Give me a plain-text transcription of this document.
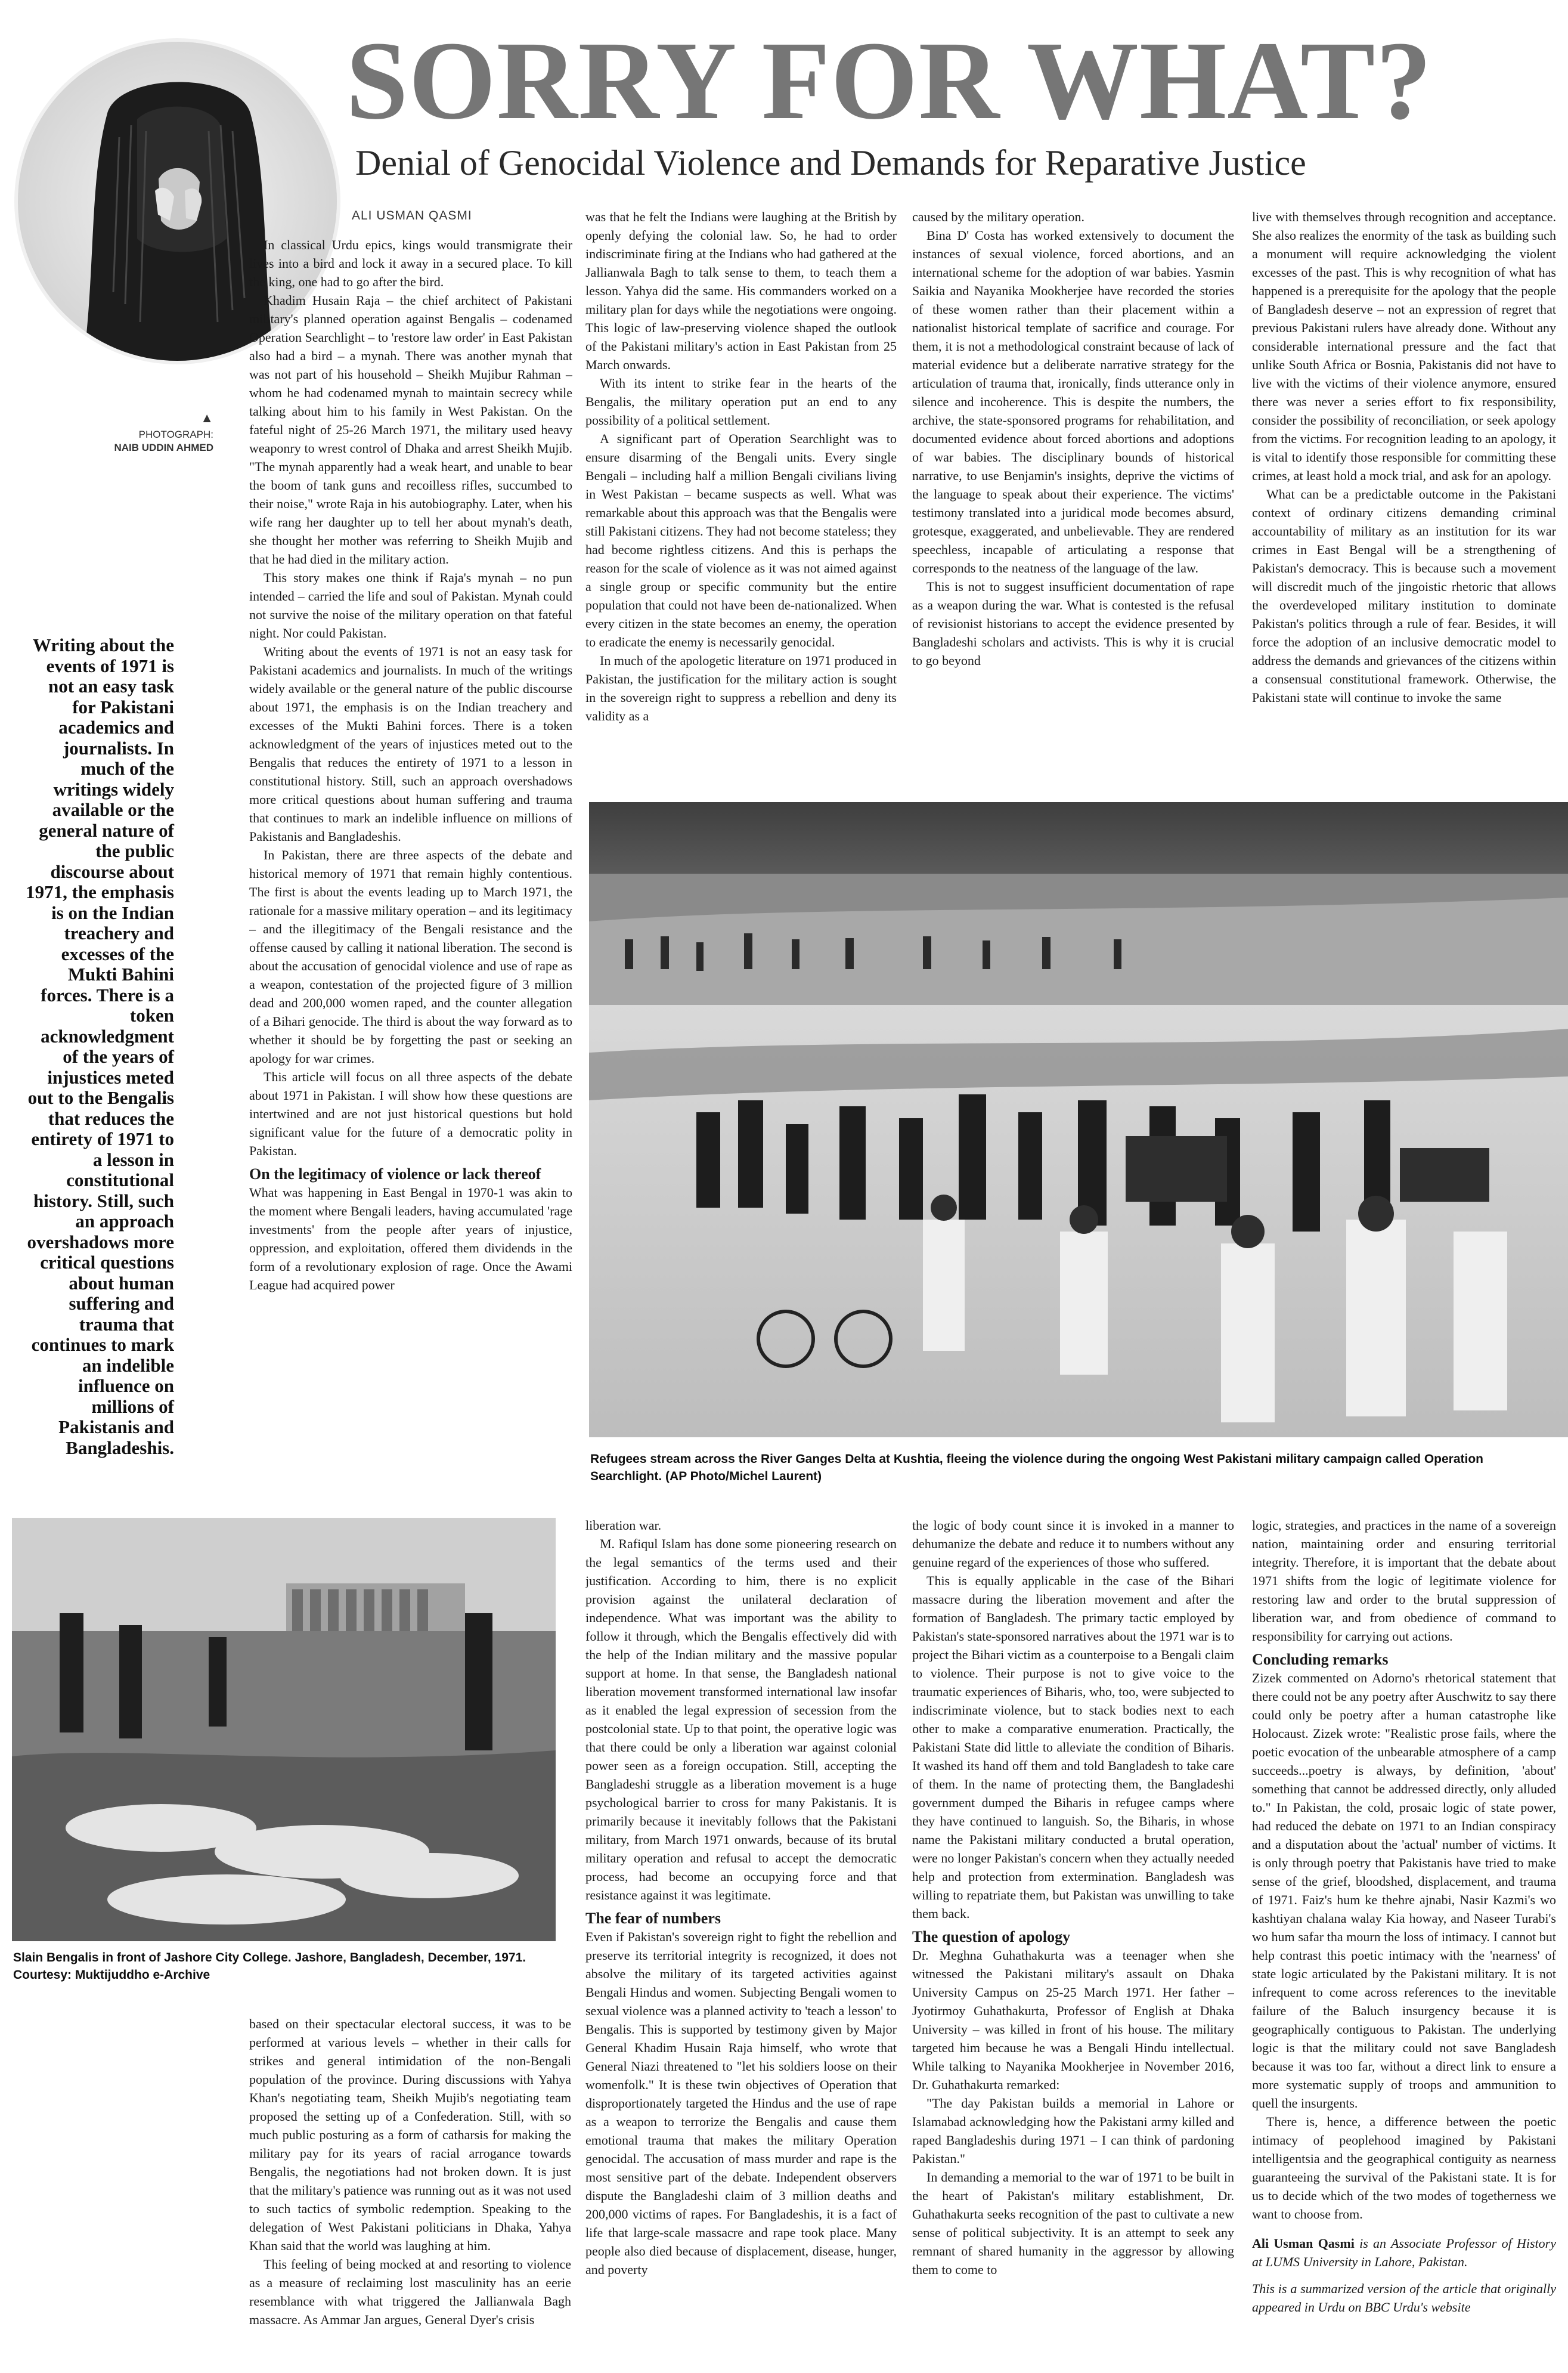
▲
PHOTOGRAPH:
NAIB UDDIN AHMED
SORRY FOR WHAT?
Denial of Genocidal Violence and Demands for Reparative Justice
ALI USMAN QASMI
Writing about the events of 1971 is not an easy task for Pakistani academics and journalists. In much of the writings widely available or the general nature of the public discourse about 1971, the emphasis is on the Indian treachery and excesses of the Mukti Bahini forces. There is a token acknowledgment of the years of injustices meted out to the Bengalis that reduces the entirety of 1971 to a lesson in constitutional history. Still, such an approach overshadows more critical questions about human suffering and trauma that continues to mark an indelible influence on millions of Pakistanis and Bangladeshis.

In classical Urdu epics, kings would transmigrate their lives into a bird and lock it away in a secured place. To kill the king, one had to go after the bird.

Khadim Husain Raja – the chief architect of Pakistani military's planned operation against Bengalis – codenamed Operation Searchlight – to 'restore law order' in East Pakistan also had a bird – a mynah. There was another mynah that was not part of his household – Sheikh Mujibur Rahman – whom he had codenamed mynah to maintain secrecy while talking about him to his family in West Pakistan. On the fateful night of 25-26 March 1971, the military used heavy weaponry to wrest control of Dhaka and arrest Sheikh Mujib. "The mynah apparently had a weak heart, and unable to bear the boom of tank guns and recoilless rifles, succumbed to their noise," wrote Raja in his autobiography. Later, when his wife rang her daughter up to tell her about mynah's death, she thought her mother was referring to Sheikh Mujib and that he had died in the military action.

This story makes one think if Raja's mynah – no pun intended – carried the life and soul of Pakistan. Mynah could not survive the noise of the military operation on that fateful night. Nor could Pakistan.

Writing about the events of 1971 is not an easy task for Pakistani academics and journalists. In much of the writings widely available or the general nature of the public discourse about 1971, the emphasis is on the Indian treachery and excesses of the Mukti Bahini forces. There is a token acknowledgment of the years of injustices meted out to the Bengalis that reduces the entirety of 1971 to a lesson in constitutional history. Still, such an approach overshadows more critical questions about human suffering and trauma that continues to mark an indelible influence on millions of Pakistanis and Bangladeshis.

In Pakistan, there are three aspects of the debate and historical memory of 1971 that remain highly contentious. The first is about the events leading up to March 1971, the rationale for a massive military operation – and its legitimacy – and the illegitimacy of the Bengali resistance and the offense caused by calling it national liberation. The second is about the accusation of genocidal violence and use of rape as a weapon, contestation of the projected figure of 3 million dead and 200,000 women raped, and the counter allegation of a Bihari genocide. The third is about the way forward as to whether it should be by forgetting the past or seeking an apology for war crimes.

This article will focus on all three aspects of the debate about 1971 in Pakistan. I will show how these questions are intertwined and are not just historical questions but hold significant value for the future of a democratic polity in Pakistan.

On the legitimacy of violence or lack thereof

What was happening in East Bengal in 1970-1 was akin to the moment where Bengali leaders, having accumulated 'rage investments' from the people after years of injustice, oppression, and exploitation, offered them dividends in the form of a revolutionary explosion of rage. Once the Awami League had acquired power

was that he felt the Indians were laughing at the British by openly defying the colonial law. So, he had to order indiscriminate firing at the Indians who had gathered at the Jallianwala Bagh to talk sense to them, to teach them a lesson. Yahya did the same. His commanders worked on a military plan for days while the negotiations were ongoing. This logic of law-preserving violence shaped the outlook of the Pakistani military's action in East Pakistan from 25 March onwards.

With its intent to strike fear in the hearts of the Bengalis, the military operation put an end to any possibility of a political settlement.

A significant part of Operation Searchlight was to ensure disarming of the Bengali units. Every single Bengali – including half a million Bengali civilians living in West Pakistan – became suspects as well. What was remarkable about this approach was that the Bengalis were still Pakistani citizens. They had not become stateless; they had become rightless citizens. And this is perhaps the reason for the scale of violence as it was not aimed against a single group or specific community but the entire population that could not have been de-nationalized. When every citizen in the state becomes an enemy, the operation to eradicate the enemy is necessarily genocidal.

In much of the apologetic literature on 1971 produced in Pakistan, the justification for the military action is sought in the sovereign right to suppress a rebellion and deny its validity as a

caused by the military operation.

Bina D' Costa has worked extensively to document the instances of sexual violence, forced abortions, and an international scheme for the adoption of war babies. Yasmin Saikia and Nayanika Mookherjee have recorded the stories of these women rather than their placement within a nationalist historical template of sacrifice and courage. For them, it is not a methodological constraint because of lack of material evidence but a deliberate narrative strategy for the articulation of trauma that, ironically, finds utterance only in silence and incoherence. This is despite the numbers, the archive, the state-sponsored programs for rehabilitation, and documented evidence about forced abortions and adoptions of war babies. The disciplinary bounds of historical narrative, to use Benjamin's insights, deprive the victims of the language to speak about their experience. The victims' testimony translated into a juridical mode becomes absurd, grotesque, exaggerated, and unbelievable. They are rendered speechless, incapable of articulating a response that corresponds to the neatness of the language of the law.

This is not to suggest insufficient documentation of rape as a weapon during the war. What is contested is the refusal of revisionist historians to accept the evidence presented by Bangladeshi scholars and activists. This is why it is crucial to go beyond

live with themselves through recognition and acceptance. She also realizes the enormity of the task as building such a monument will require acknowledging the violent excesses of the past. This is why recognition of what has happened is a prerequisite for the apology that the people of Bangladesh deserve – not an expression of regret that previous Pakistani rulers have already done. Without any considerable international pressure and the fact that unlike South Africa or Bosnia, Pakistanis did not have to live with the victims of their violence anymore, ensured there was never a series effort to fix responsibility, consider the possibility of reconciliation, or seek apology from the victims. For recognition leading to an apology, it is vital to identify those responsible for committing these crimes, at least hold a mock trial, and ask for an apology.

What can be a predictable outcome in the Pakistani context of ordinary citizens demanding criminal accountability of military as an institution for its war crimes in East Bengal will be a strengthening of Pakistan's democracy. This is because such a movement will discredit much of the jingoistic rhetoric that allows the overdeveloped military institution to dominate Pakistan's politics through a rule of fear. Besides, it will force the adoption of an inclusive democratic model to address the demands and grievances of the citizens within a consensual constitutional framework. Otherwise, the Pakistani state will continue to invoke the same

Refugees stream across the River Ganges Delta at Kushtia, fleeing the violence during the ongoing West Pakistani military campaign called Operation Searchlight. (AP Photo/Michel Laurent)
Slain Bengalis in front of Jashore City College. Jashore, Bangladesh, December, 1971. Courtesy: Muktijuddho e-Archive

based on their spectacular electoral success, it was to be performed at various levels – whether in their calls for strikes and general intimidation of the non-Bengali population of the province. During discussions with Yahya Khan's negotiating team, Sheikh Mujib's negotiating team proposed the setting up of a Confederation. Still, with so much public posturing as a form of catharsis for making the military pay for its years of racial arrogance towards Bengalis, the negotiations had not broken down. It is just that the military's patience was running out as it was not used to such tactics of symbolic redemption. Speaking to the delegation of West Pakistani politicians in Dhaka, Yahya Khan said that the world was laughing at him.

This feeling of being mocked at and resorting to violence as a measure of reclaiming lost masculinity has an eerie resemblance with what triggered the Jallianwala Bagh massacre. As Ammar Jan argues, General Dyer's crisis

liberation war.

M. Rafiqul Islam has done some pioneering research on the legal semantics of the terms used and their justification. According to him, there is no explicit provision against the unilateral declaration of independence. What was important was the ability to follow it through, which the Bengalis effectively did with the help of the Indian military and the massive popular support at home. In that sense, the Bangladesh national liberation movement transformed international law insofar as it enabled the legal expression of secession from the postcolonial state. Up to that point, the operative logic was that there could be only a liberation war against colonial power seen as a foreign occupation. Still, accepting the Bangladeshi struggle as a liberation movement is a huge psychological barrier to cross for many Pakistanis. It is primarily because it inevitably follows that the Pakistani military, from March 1971 onwards, because of its brutal military operation and refusal to accept the democratic process, had become an occupying force and that resistance against it was legitimate.

The fear of numbers

Even if Pakistan's sovereign right to fight the rebellion and preserve its territorial integrity is recognized, it does not absolve the military of its targeted activities against Bengali Hindus and women. Subjecting Bengali women to sexual violence was a planned activity to 'teach a lesson' to Bengalis. This is supported by testimony given by Major General Khadim Husain Raja himself, who wrote that General Niazi threatened to "let his soldiers loose on their womenfolk." It is these twin objectives of Operation that disproportionately targeted the Hindus and the use of rape as a weapon to terrorize the Bengalis and cause them emotional trauma that makes the military Operation genocidal. The accusation of mass murder and rape is the most sensitive part of the debate. Independent observers dispute the Bangladeshi claim of 3 million deaths and 200,000 victims of rapes. For Bangladeshis, it is a fact of life that large-scale massacre and rape took place. Many people also died because of displacement, disease, hunger, and poverty

the logic of body count since it is invoked in a manner to dehumanize the debate and reduce it to numbers without any genuine regard of the experiences of those who suffered.

This is equally applicable in the case of the Bihari massacre during the liberation movement and after the formation of Bangladesh. The primary tactic employed by Pakistan's state-sponsored narratives about the 1971 war is to project the Bihari victim as a counterpoise to a Bengali claim to violence. Their purpose is not to give voice to the traumatic experiences of Biharis, who, too, were subjected to indiscriminate violence, but to stack bodies next to each other to make a comparative enumeration. Practically, the Pakistani State did little to alleviate the condition of Biharis. It washed its hand off them and told Bangladesh to take care of them. In the name of protecting them, the Bangladeshi government dumped the Biharis in refugee camps where they have continued to languish. So, the Biharis, in whose name the Pakistani military conducted a brutal operation, were no longer Pakistan's concern when they actually needed help and protection from extermination. Bangladesh was willing to repatriate them, but Pakistan was unwilling to take them back.

The question of apology

Dr. Meghna Guhathakurta was a teenager when she witnessed the Pakistani military's assault on Dhaka University Campus on 25-25 March 1971. Her father – Jyotirmoy Guhathakurta, Professor of English at Dhaka University – was killed in front of his house. The military targeted him because he was a Bengali Hindu intellectual. While talking to Nayanika Mookherjee in November 2016, Dr. Guhathakurta remarked:

"The day Pakistan builds a memorial in Lahore or Islamabad acknowledging how the Pakistani army killed and raped Bangladeshis during 1971 – I can think of pardoning Pakistan."

In demanding a memorial to the war of 1971 to be built in the heart of Pakistan's military establishment, Dr. Guhathakurta seeks recognition of the past to cultivate a new sense of political subjectivity. It is an attempt to seek any remnant of shared humanity in the aggressor by allowing them to come to

logic, strategies, and practices in the name of a sovereign nation, maintaining order and ensuring territorial integrity. Therefore, it is important that the debate about 1971 shifts from the logic of legitimate violence for restoring law and order to the brutal suppression of liberation war, and from obedience of command to responsibility for carrying out actions.

Concluding remarks

Zizek commented on Adorno's rhetorical statement that there could not be any poetry after Auschwitz to say there could only be poetry after a human catastrophe like Holocaust. Zizek wrote: "Realistic prose fails, where the poetic evocation of the unbearable atmosphere of a camp succeeds...poetry is always, by definition, 'about' something that cannot be addressed directly, only alluded to." In Pakistan, the cold, prosaic logic of state power, had reduced the debate on 1971 to an Indian conspiracy and a disputation about the 'actual' number of victims. It is only through poetry that Pakistanis have tried to make sense of the grief, bloodshed, displacement, and trauma of 1971. Faiz's hum ke thehre ajnabi, Nasir Kazmi's wo kashtiyan chalana walay Kia howay, and Naseer Turabi's wo hum safar tha mourn the loss of intimacy. I cannot but help contrast this poetic intimacy with the 'nearness' of state logic articulated by the Pakistani military. It is not infrequent to come across references to the inevitable failure of the Baluch insurgency because it is geographically contiguous to Pakistan. The underlying logic is that the military could not save Bangladesh because it was too far, without a direct link to ensure a more systematic supply of troops and ammunition to quell the insurgents.

There is, hence, a difference between the poetic intimacy of peoplehood imagined by Pakistani intelligentsia and the geographical contiguity as nearness guaranteeing the survival of the Pakistani state. It is for us to decide which of the two modes of togetherness we want to choose from.

Ali Usman Qasmi is an Associate Professor of History at LUMS University in Lahore, Pakistan.

This is a summarized version of the article that originally appeared in Urdu on BBC Urdu's website
